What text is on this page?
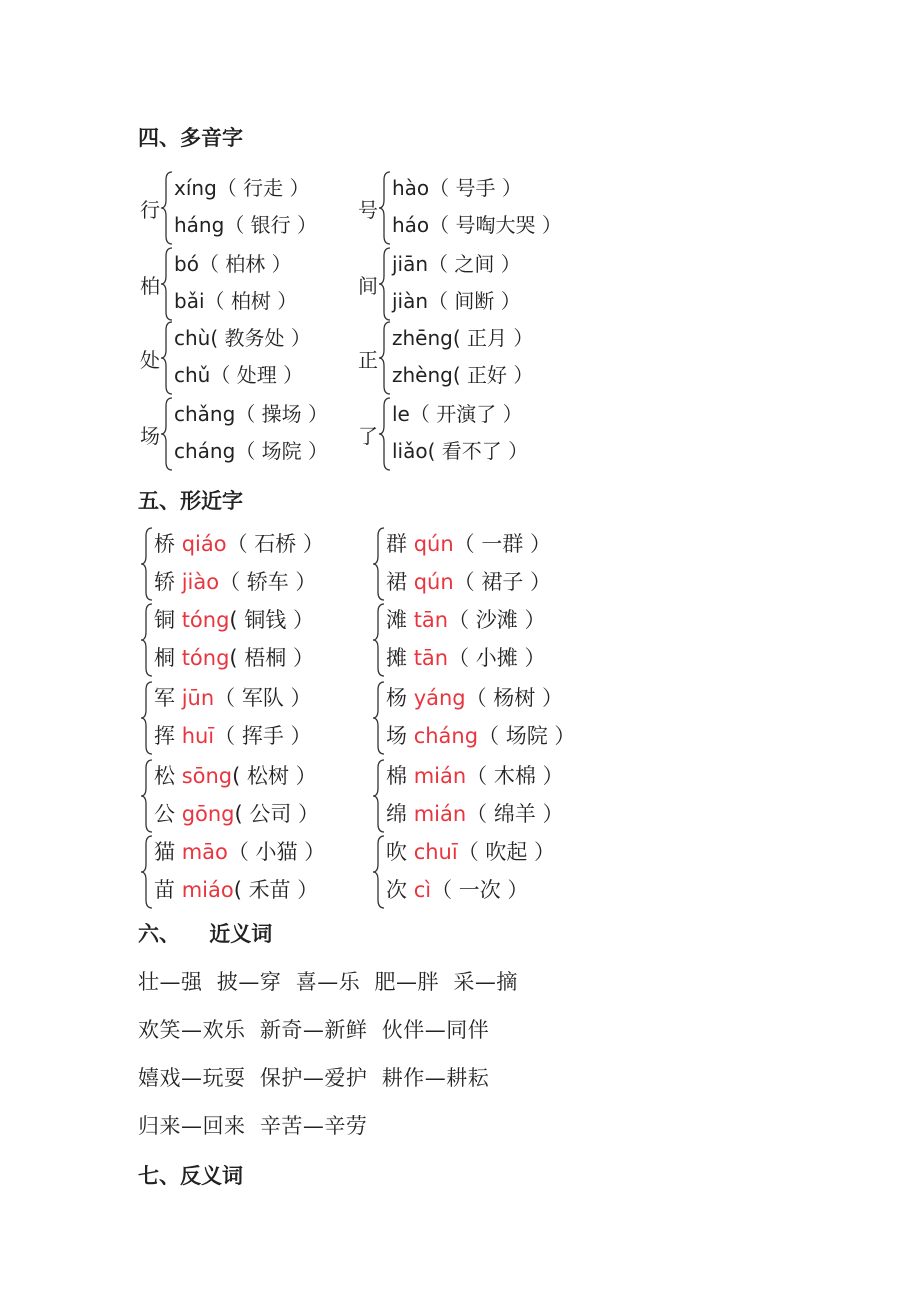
四、多音字
五、形近字
六、    近义词
七、反义词
行
xíng（ 行走 ）
háng（ 银行 ）
号
hào（ 号手 ）
háo（ 号啕大哭 ）
柏
bó（ 柏林 ）
bǎi（ 柏树 ）
间
jiān（ 之间 ）
jiàn（ 间断 ）
处
chù( 教务处 ）
chǔ（ 处理 ）
正
zhēng( 正月 ）
zhèng( 正好 ）
场
chǎng（ 操场 ）
cháng（ 场院 ）
了
le（ 开演了 ）
liǎo( 看不了 ）
桥 qiáo（ 石桥 ）
轿 jiào（ 轿车 ）
群 qún（ 一群 ）
裙 qún（ 裙子 ）
铜 tóng( 铜钱 ）
桐 tóng( 梧桐 ）
滩 tān（ 沙滩 ）
摊 tān（ 小摊 ）
军 jūn（ 军队 ）
挥 huī（ 挥手 ）
杨 yáng（ 杨树 ）
场 cháng（ 场院 ）
松 sōng( 松树 ）
公 gōng( 公司 ）
棉 mián（ 木棉 ）
绵 mián（ 绵羊 ）
猫 māo（ 小猫 ）
苗 miáo( 禾苗 ）
吹 chuī（ 吹起 ）
次 cì（ 一次 ）
壮—强  披—穿  喜—乐  肥—胖  采—摘
欢笑—欢乐  新奇—新鲜  伙伴—同伴
嬉戏—玩耍  保护—爱护  耕作—耕耘
归来—回来  辛苦—辛劳
